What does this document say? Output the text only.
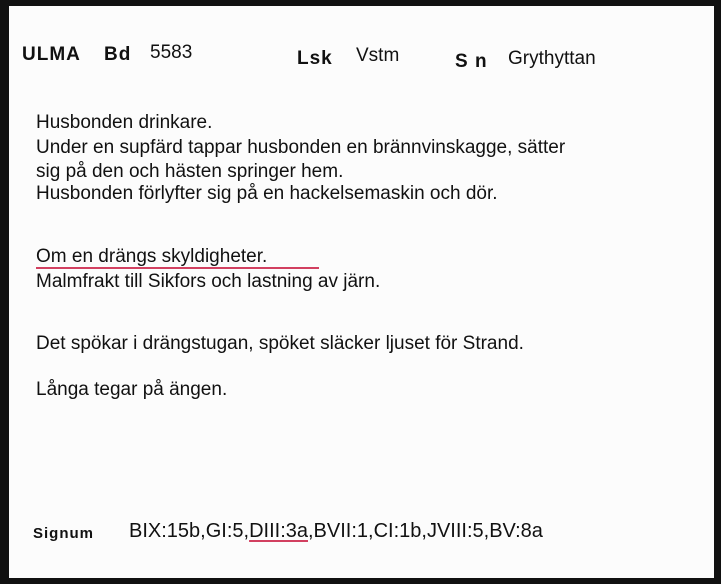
ULMA Bd 5583	Lsk Vstm	S n Grythyttan
Husbonden drinkare.
Under en supfärd tappar husbonden en brännvinskagge, sätter
sig på den och hästen springer hem.
Husbonden förlyfter sig på en hackelsemaskin och dör.
Om en drängs skyldigheter.
Malmfrakt till Sikfors och lastning av järn.
Det spökar i drängstugan, spöket släcker ljuset för Strand.
Långa tegar på ängen.
Signum BIX:15b,GI:5,DIII:3a,BVII:1,CI:1b,JVIII:5,BV:8a
